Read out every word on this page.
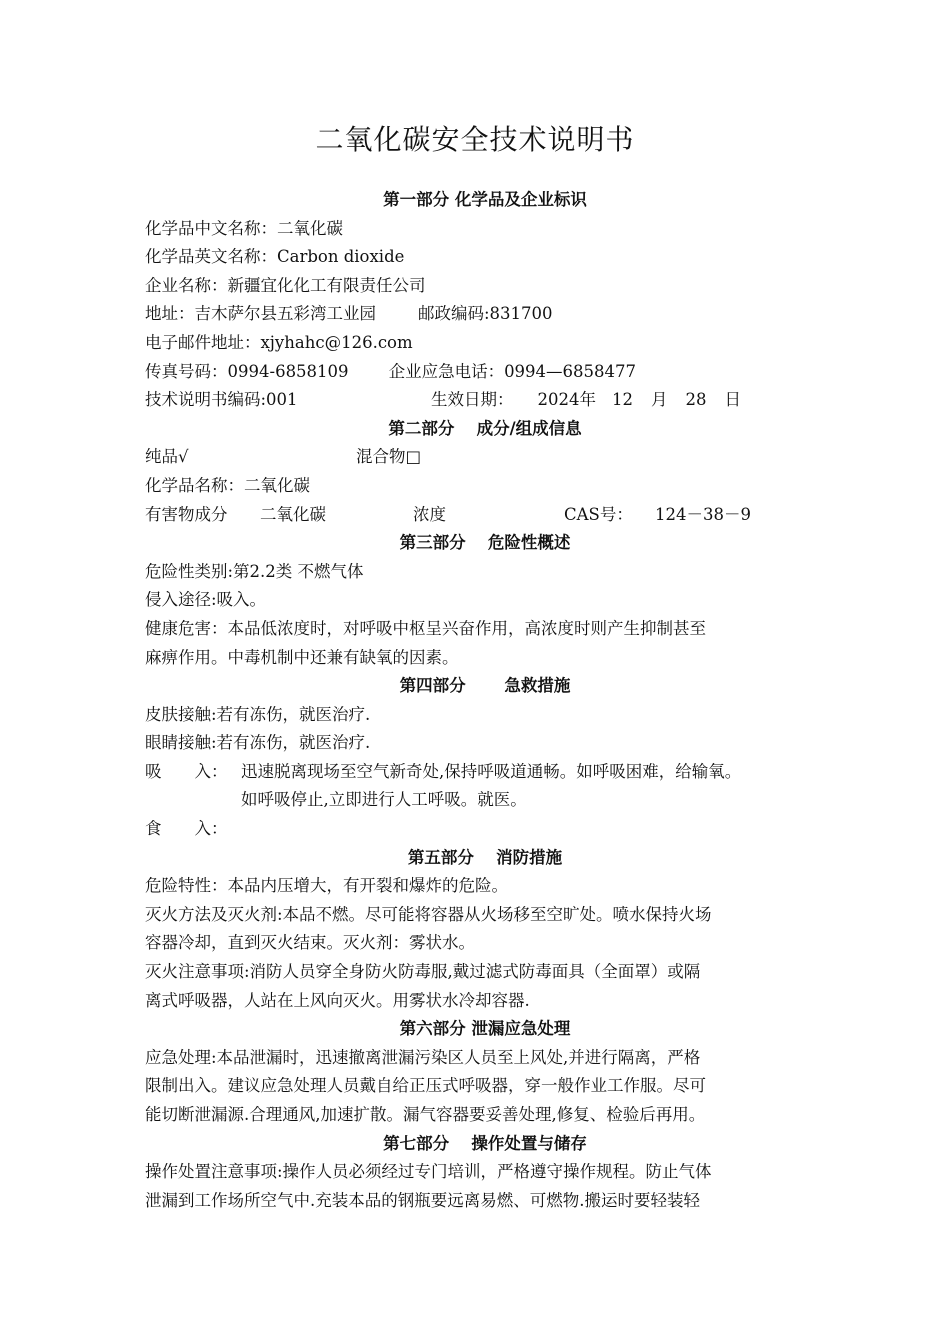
二氧化碳安全技术说明书
第一部分 化学品及企业标识
化学品中文名称：二氧化碳
化学品英文名称：Carbon dioxide
企业名称：新疆宜化化工有限责任公司
地址：吉木萨尔县五彩湾工业园	邮政编码:831700
电子邮件地址：xjyhahc@126.com
传真号码：0994-6858109 企业应急电话：0994—6858477
技术说明书编码:001	生效日期： 2024年 12 月 28 日
第二部分　 成分/组成信息
纯品√	混合物□
化学品名称：二氧化碳
有害物成分 二氧化碳	浓度	CAS号： 124－38－9
第三部分　 危险性概述
危险性类别:第2.2类 不燃气体
侵入途径:吸入。
健康危害：本品低浓度时，对呼吸中枢呈兴奋作用，高浓度时则产生抑制甚至
麻痹作用。中毒机制中还兼有缺氧的因素。
第四部分　　 急救措施
皮肤接触:若有冻伤，就医治疗.
眼睛接触:若有冻伤，就医治疗.
吸　　入： 迅速脱离现场至空气新奇处,保持呼吸道通畅。如呼吸困难，给输氧。
如呼吸停止,立即进行人工呼吸。就医。
食　　入：
第五部分　 消防措施
危险特性：本品内压增大，有开裂和爆炸的危险。
灭火方法及灭火剂:本品不燃。尽可能将容器从火场移至空旷处。喷水保持火场
容器冷却，直到灭火结束。灭火剂：雾状水。
灭火注意事项:消防人员穿全身防火防毒服,戴过滤式防毒面具（全面罩）或隔
离式呼吸器，人站在上风向灭火。用雾状水冷却容器.
第六部分 泄漏应急处理
应急处理:本品泄漏时，迅速撤离泄漏污染区人员至上风处,并进行隔离，严格
限制出入。建议应急处理人员戴自给正压式呼吸器，穿一般作业工作服。尽可
能切断泄漏源.合理通风,加速扩散。漏气容器要妥善处理,修复、检验后再用。
第七部分　 操作处置与储存
操作处置注意事项:操作人员必须经过专门培训，严格遵守操作规程。防止气体
泄漏到工作场所空气中.充装本品的钢瓶要远离易燃、可燃物.搬运时要轻装轻
